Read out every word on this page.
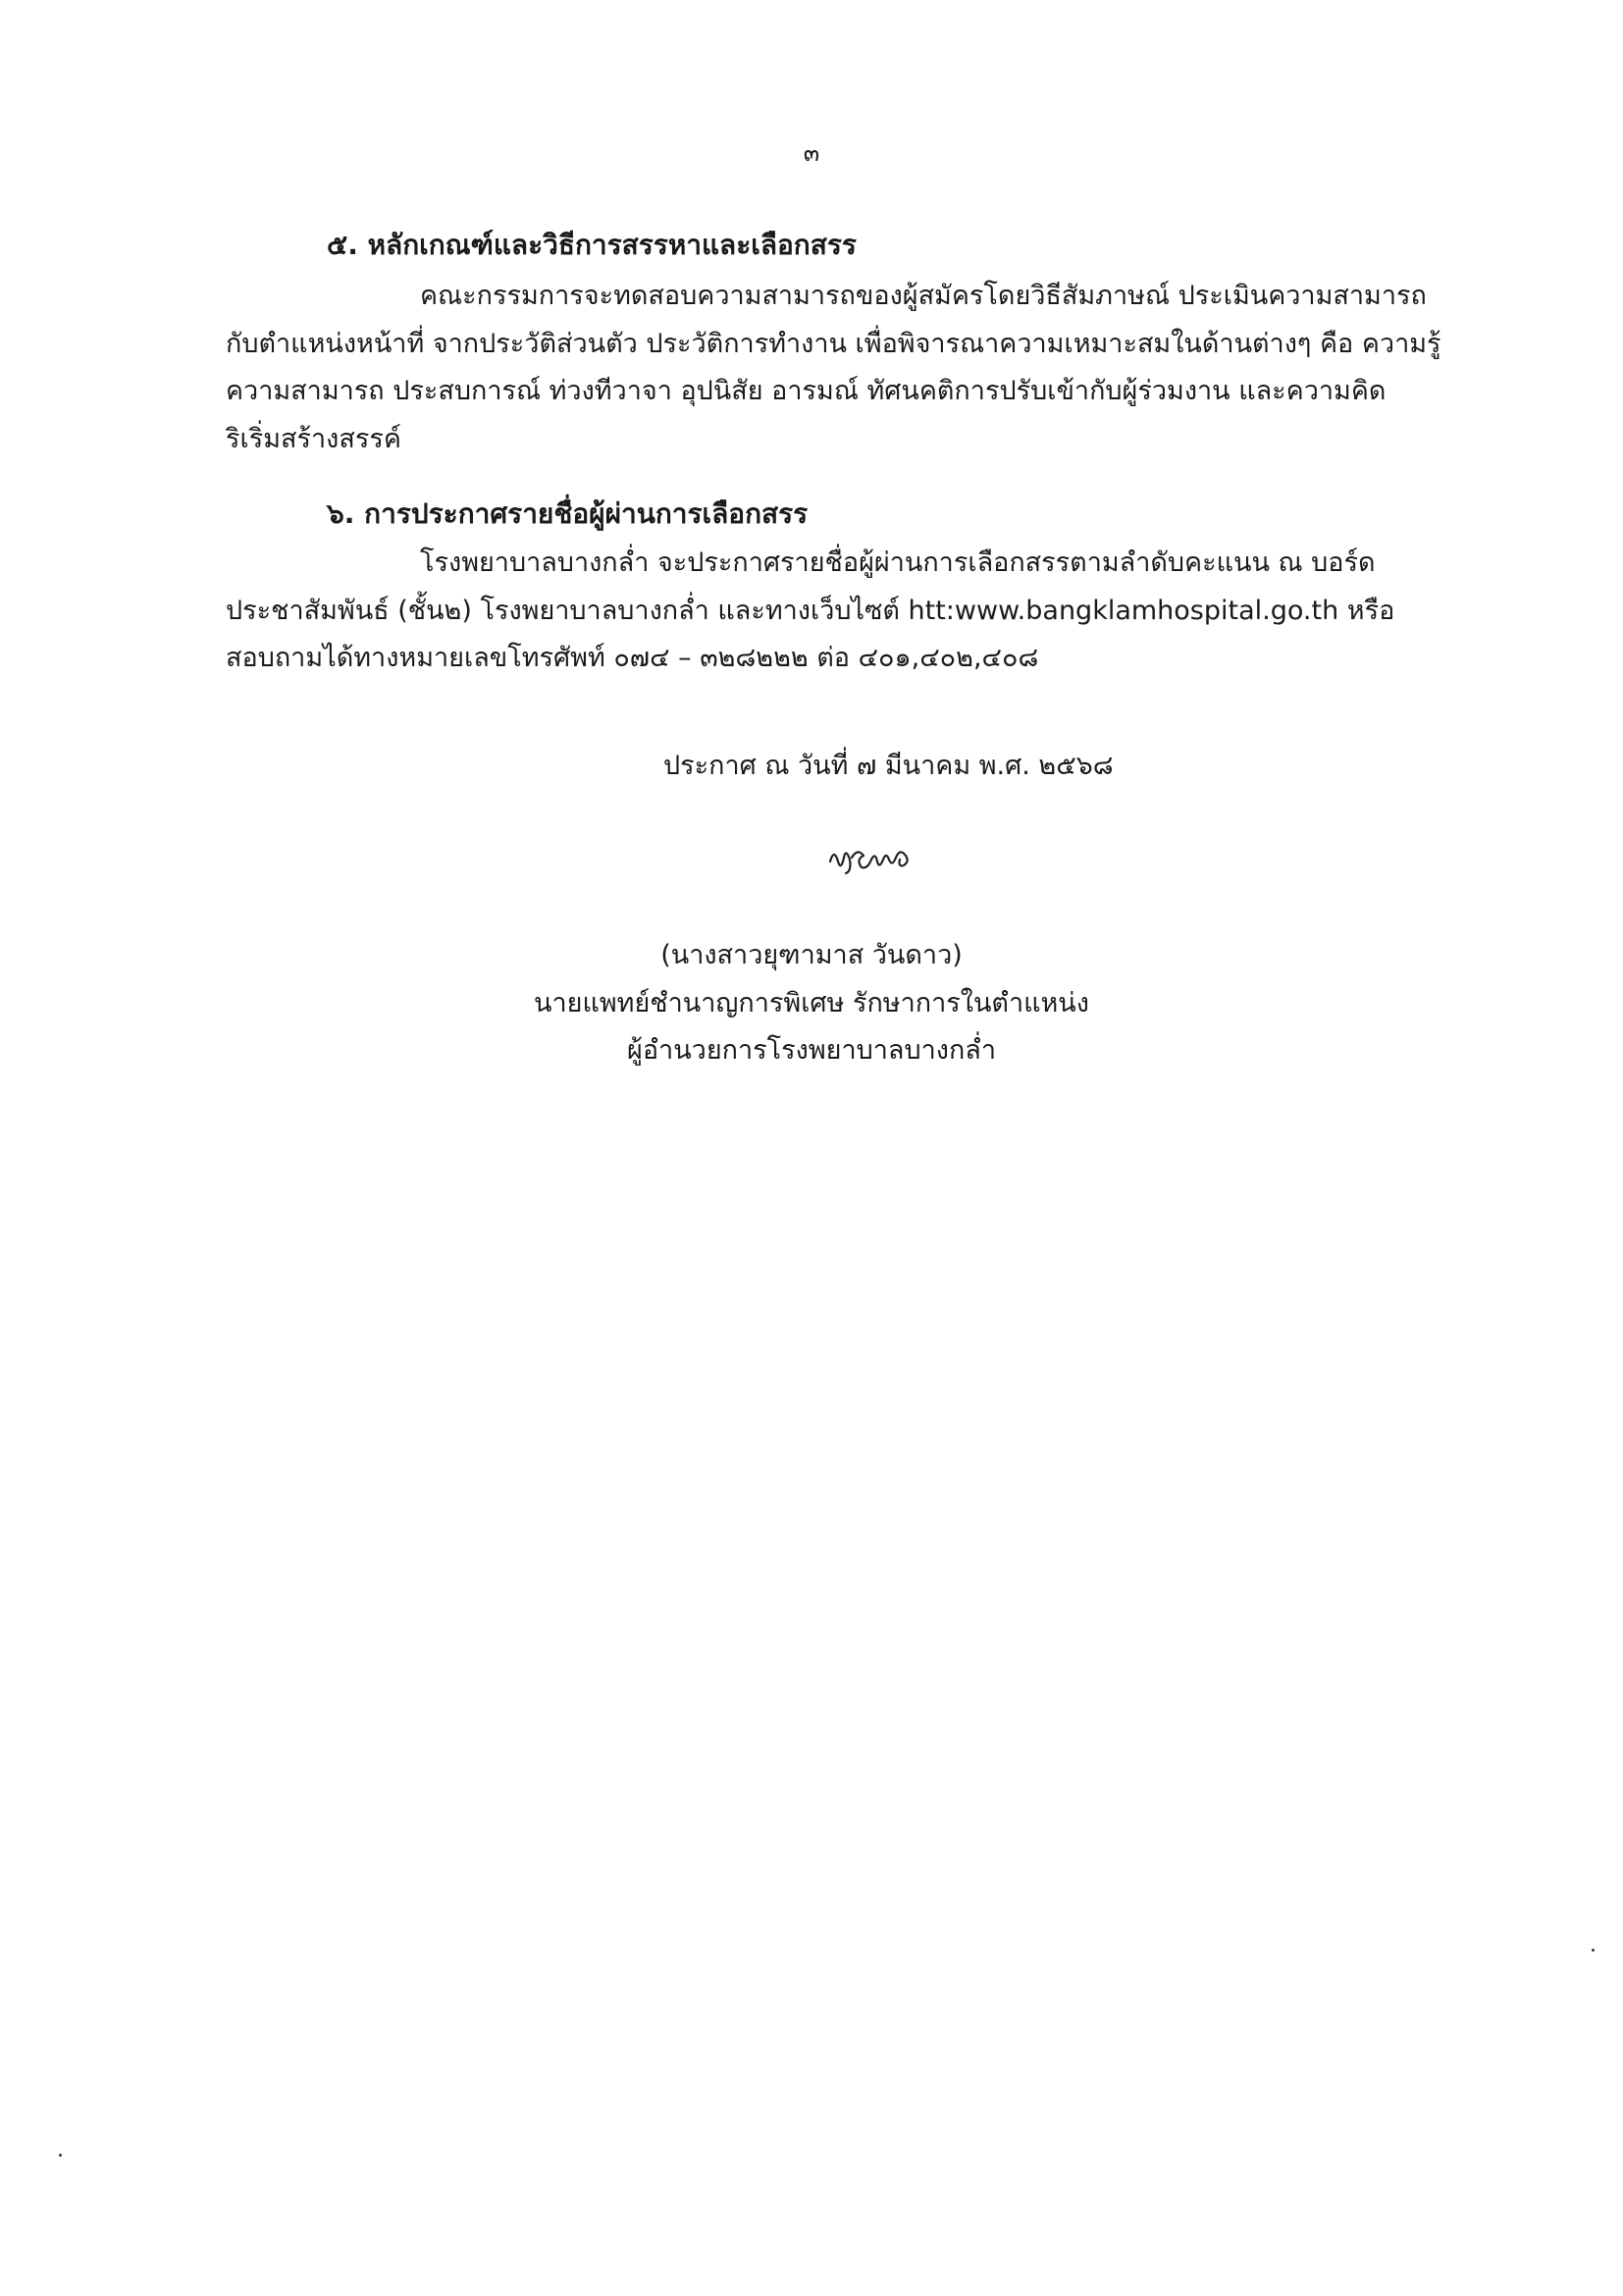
๓
๕. หลักเกณฑ์และวิธีการสรรหาและเลือกสรร
คณะกรรมการจะทดสอบความสามารถของผู้สมัครโดยวิธีสัมภาษณ์ ประเมินความสามารถ
กับตำแหน่งหน้าที่ จากประวัติส่วนตัว ประวัติการทำงาน เพื่อพิจารณาความเหมาะสมในด้านต่างๆ คือ ความรู้
ความสามารถ ประสบการณ์ ท่วงทีวาจา อุปนิสัย อารมณ์ ทัศนคติการปรับเข้ากับผู้ร่วมงาน และความคิด
ริเริ่มสร้างสรรค์
๖. การประกาศรายชื่อผู้ผ่านการเลือกสรร
โรงพยาบาลบางกล่ำ จะประกาศรายชื่อผู้ผ่านการเลือกสรรตามลำดับคะแนน ณ บอร์ด
ประชาสัมพันธ์ (ชั้น๒) โรงพยาบาลบางกล่ำ และทางเว็บไซต์ htt:www.bangklamhospital.go.th หรือ
สอบถามได้ทางหมายเลขโทรศัพท์ ๐๗๔ – ๓๒๘๒๒๒ ต่อ ๔๐๑,๔๐๒,๔๐๘
ประกาศ ณ วันที่ ๗ มีนาคม พ.ศ. ๒๕๖๘
(นางสาวยุฑามาส วันดาว)
นายแพทย์ชำนาญการพิเศษ รักษาการในตำแหน่ง
ผู้อำนวยการโรงพยาบาลบางกล่ำ
